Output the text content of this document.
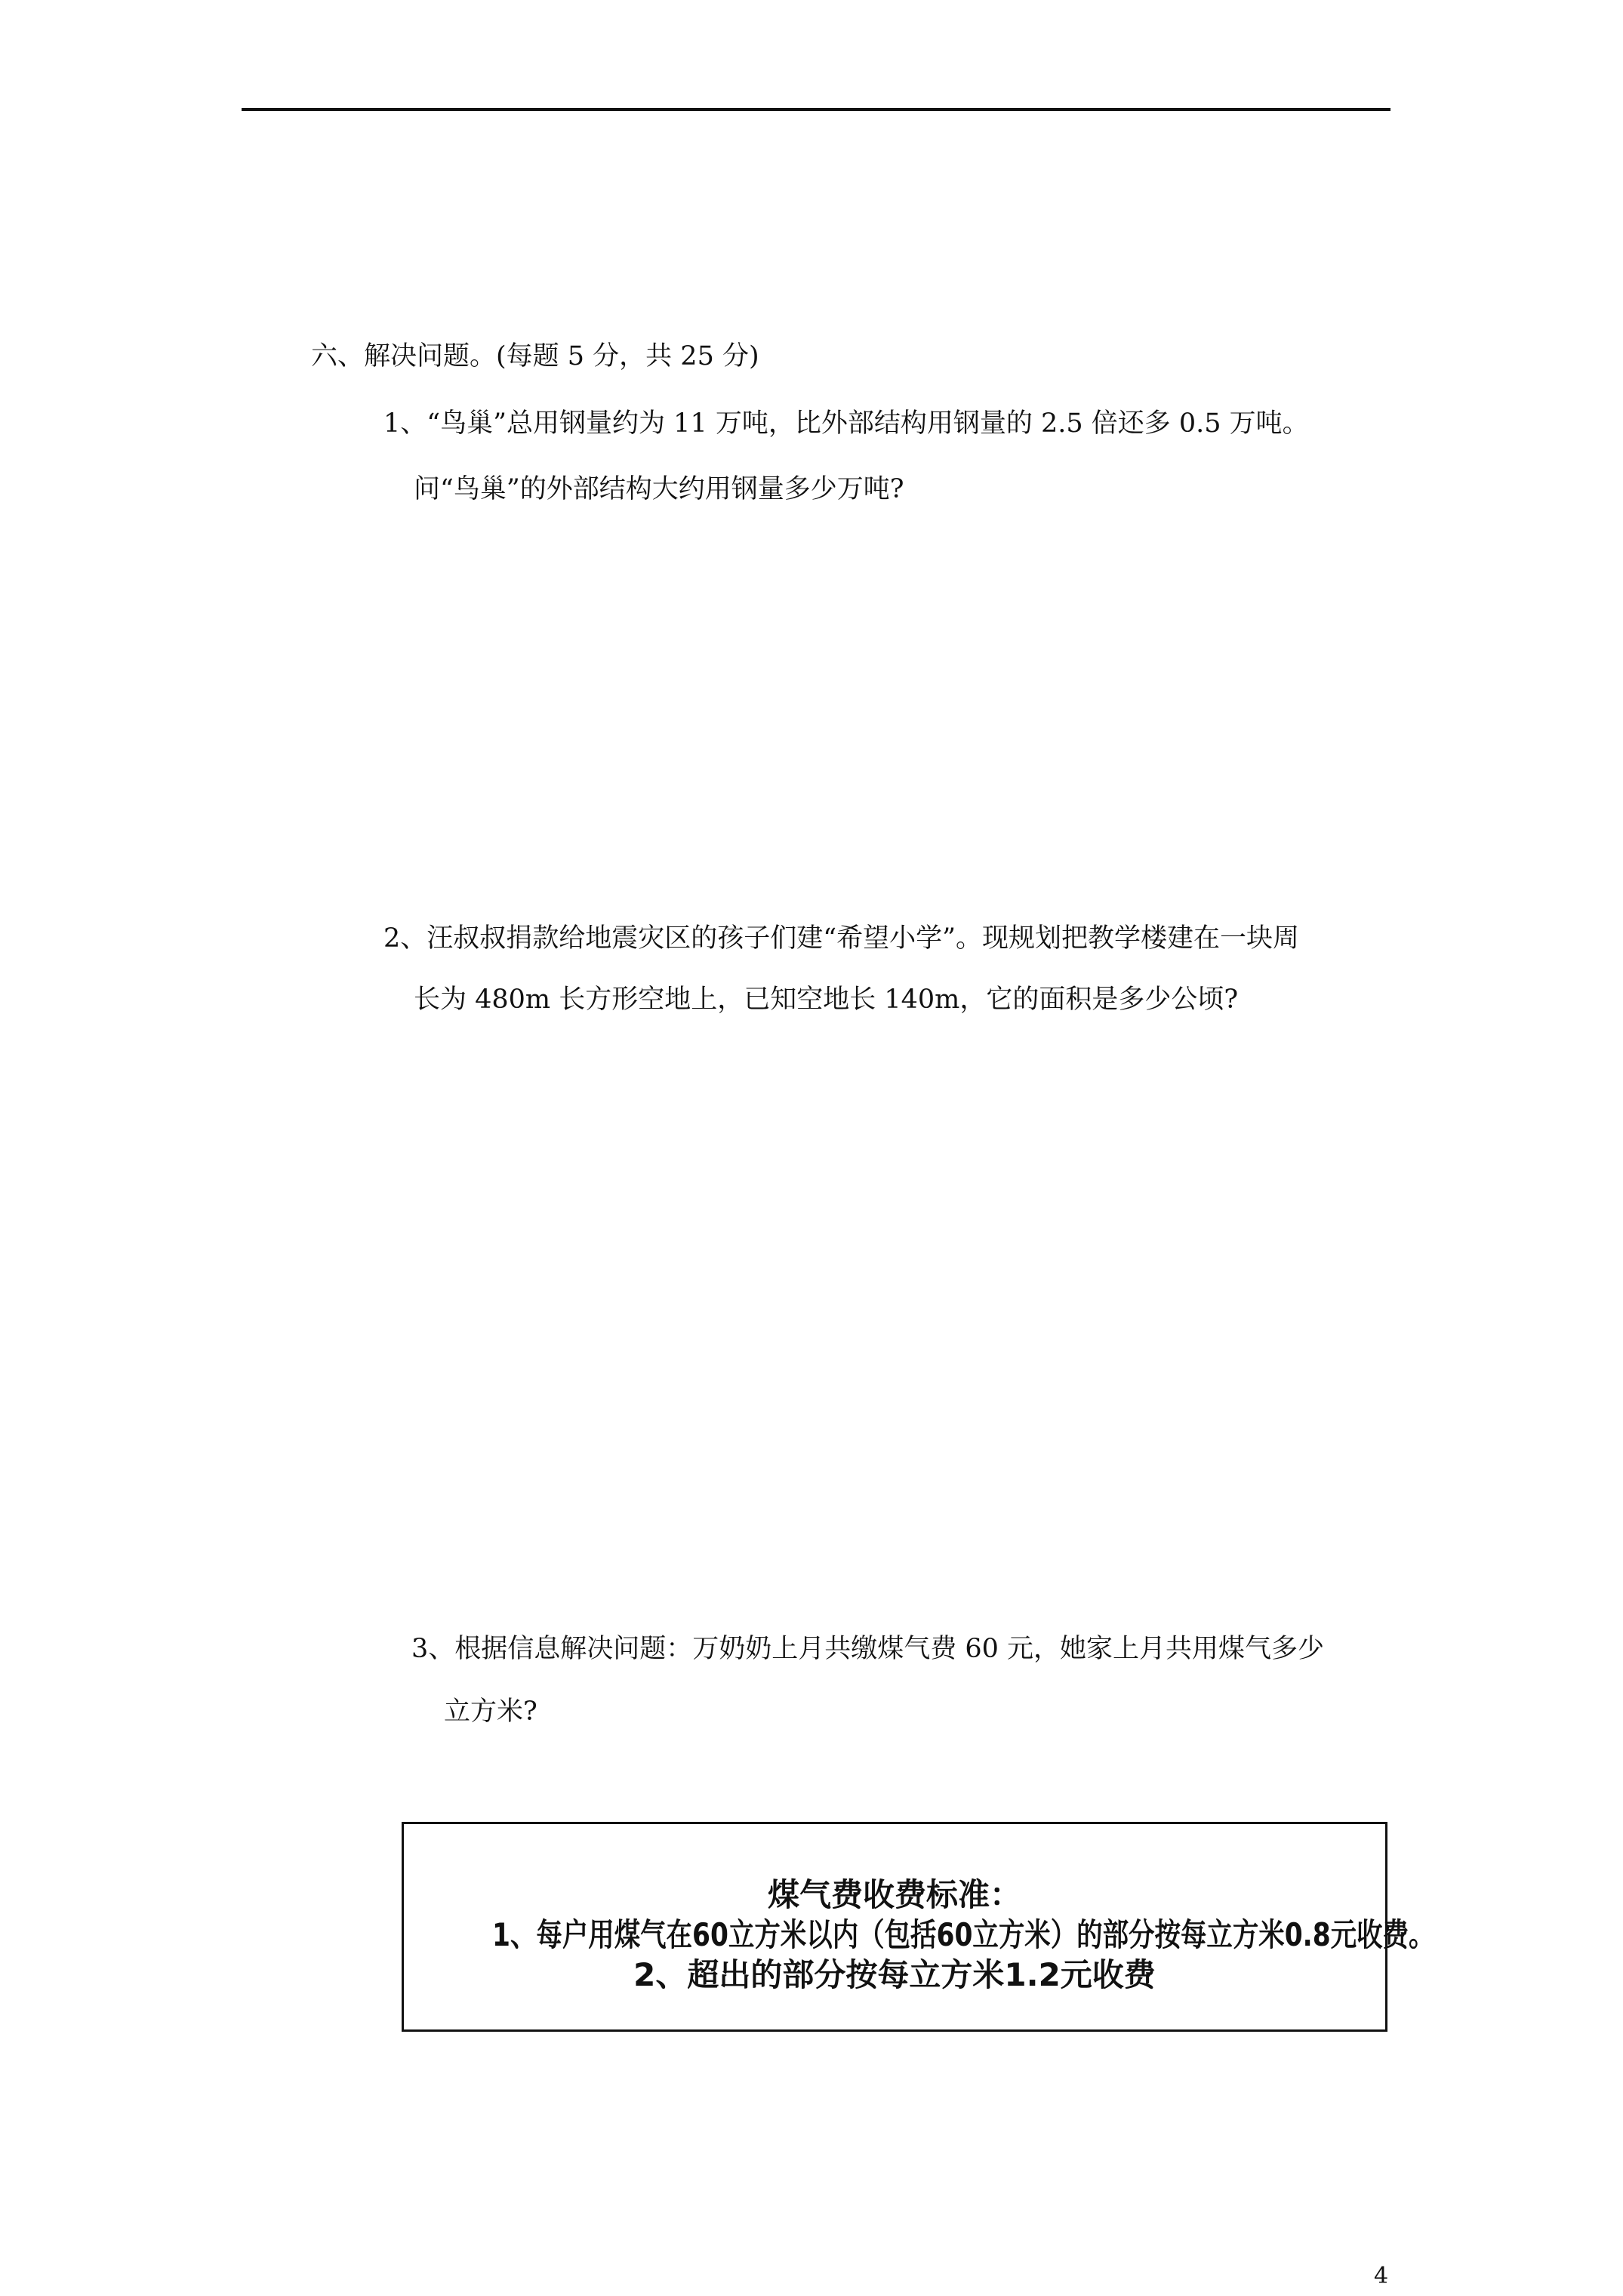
六、解决问题。(每题 5 分，共 25 分)
1、“鸟巢”总用钢量约为 11 万吨，比外部结构用钢量的 2.5 倍还多 0.5 万吨。
问“鸟巢”的外部结构大约用钢量多少万吨?
2、汪叔叔捐款给地震灾区的孩子们建“希望小学”。现规划把教学楼建在一块周
长为 480m 长方形空地上，已知空地长 140m，它的面积是多少公顷?
3、根据信息解决问题：万奶奶上月共缴煤气费 60 元，她家上月共用煤气多少
立方米?
煤气费收费标准：
1、每户用煤气在60立方米以内（包括60立方米）的部分按每立方米0.8元收费。
2、超出的部分按每立方米1.2元收费
4
